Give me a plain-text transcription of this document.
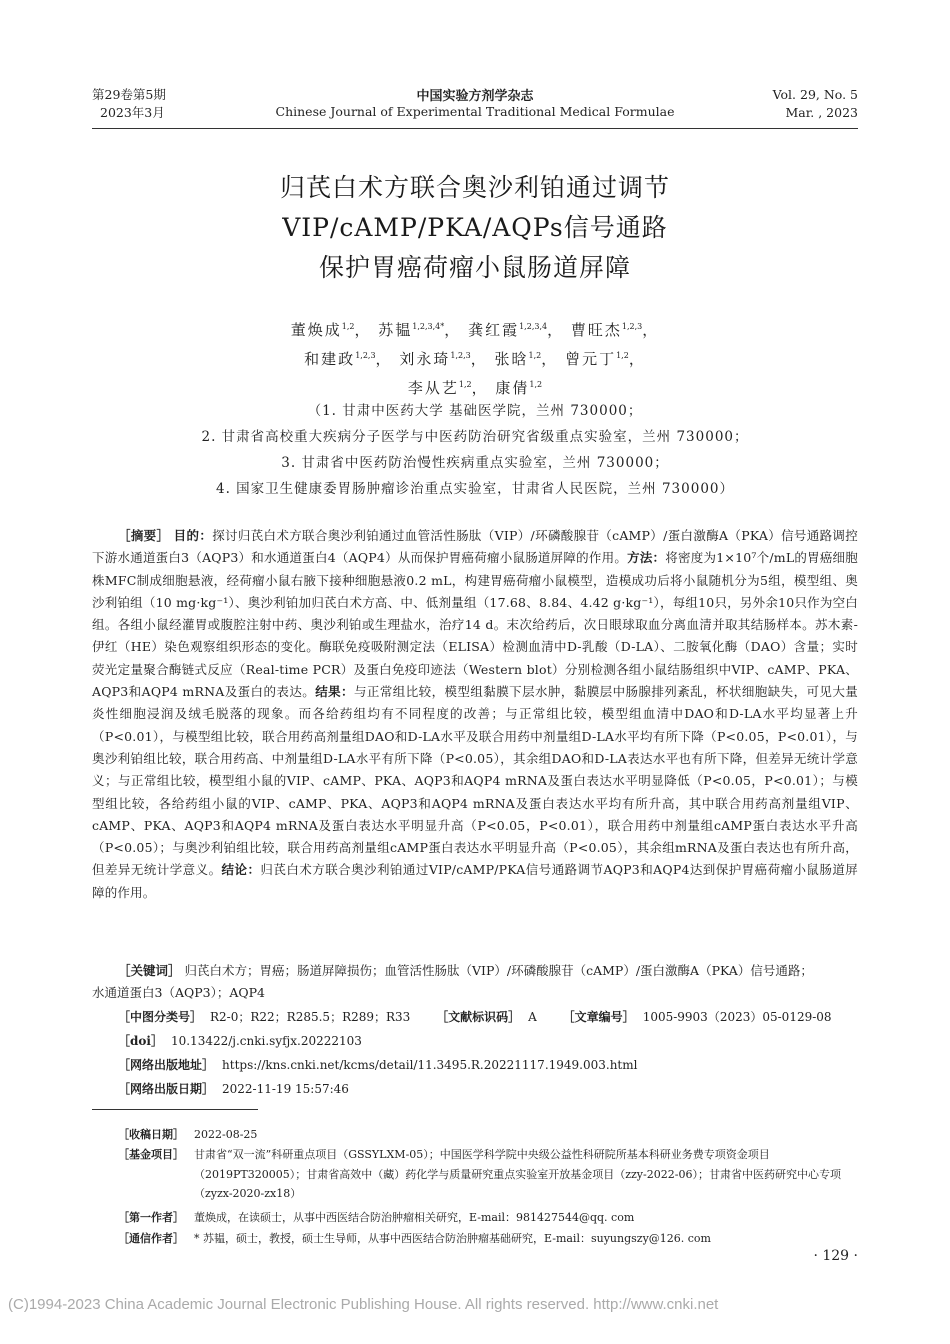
第29卷第5期
2023年3月
中国实验方剂学杂志
Chinese Journal of Experimental Traditional Medical Formulae
Vol. 29, No. 5
Mar. , 2023
归芪白术方联合奥沙利铂通过调节
VIP/cAMP/PKA/AQPs信号通路
保护胃癌荷瘤小鼠肠道屏障
董焕成$^{1,2}$， 苏韫$^{1,2,3,4*}$， 龚红霞$^{1,2,3,4}$， 曹旺杰$^{1,2,3}$，
和建政$^{1,2,3}$， 刘永琦$^{1,2,3}$， 张晗$^{1,2}$， 曾元丁$^{1,2}$，
李从艺$^{1,2}$， 康倩$^{1,2}$
（1. 甘肃中医药大学 基础医学院，兰州 730000；
2. 甘肃省高校重大疾病分子医学与中医药防治研究省级重点实验室，兰州 730000；
3. 甘肃省中医药防治慢性疾病重点实验室，兰州 730000；
4. 国家卫生健康委胃肠肿瘤诊治重点实验室，甘肃省人民医院，兰州 730000）
［摘要］ 目的：探讨归芪白术方联合奥沙利铂通过血管活性肠肽（VIP）/环磷酸腺苷（cAMP）/蛋白激酶A（PKA）信号通路调控下游水通道蛋白3（AQP3）和水通道蛋白4（AQP4）从而保护胃癌荷瘤小鼠肠道屏障的作用。方法：将密度为1×10⁷个/mL的胃癌细胞株MFC制成细胞悬液，经荷瘤小鼠右腋下接种细胞悬液0.2 mL，构建胃癌荷瘤小鼠模型，造模成功后将小鼠随机分为5组，模型组、奥沙利铂组（10 mg·kg⁻¹）、奥沙利铂加归芪白术方高、中、低剂量组（17.68、8.84、4.42 g·kg⁻¹），每组10只，另外余10只作为空白组。各组小鼠经灌胃或腹腔注射中药、奥沙利铂或生理盐水，治疗14 d。末次给药后，次日眼球取血分离血清并取其结肠样本。苏木素-伊红（HE）染色观察组织形态的变化。酶联免疫吸附测定法（ELISA）检测血清中D-乳酸（D-LA）、二胺氧化酶（DAO）含量；实时荧光定量聚合酶链式反应（Real-time PCR）及蛋白免疫印迹法（Western blot）分别检测各组小鼠结肠组织中VIP、cAMP、PKA、AQP3和AQP4 mRNA及蛋白的表达。结果：与正常组比较，模型组黏膜下层水肿，黏膜层中肠腺排列紊乱，杯状细胞缺失，可见大量炎性细胞浸润及绒毛脱落的现象。而各给药组均有不同程度的改善；与正常组比较，模型组血清中DAO和D-LA水平均显著上升（P<0.01），与模型组比较，联合用药高剂量组DAO和D-LA水平及联合用药中剂量组D-LA水平均有所下降（P<0.05，P<0.01），与奥沙利铂组比较，联合用药高、中剂量组D-LA水平有所下降（P<0.05），其余组DAO和D-LA表达水平也有所下降，但差异无统计学意义；与正常组比较，模型组小鼠的VIP、cAMP、PKA、AQP3和AQP4 mRNA及蛋白表达水平明显降低（P<0.05，P<0.01）；与模型组比较，各给药组小鼠的VIP、cAMP、PKA、AQP3和AQP4 mRNA及蛋白表达水平均有所升高，其中联合用药高剂量组VIP、cAMP、PKA、AQP3和AQP4 mRNA及蛋白表达水平明显升高（P<0.05，P<0.01），联合用药中剂量组cAMP蛋白表达水平升高（P<0.05）；与奥沙利铂组比较，联合用药高剂量组cAMP蛋白表达水平明显升高（P<0.05），其余组mRNA及蛋白表达也有所升高，但差异无统计学意义。结论：归芪白术方联合奥沙利铂通过VIP/cAMP/PKA信号通路调节AQP3和AQP4达到保护胃癌荷瘤小鼠肠道屏障的作用。
［关键词］ 归芪白术方；胃癌；肠道屏障损伤；血管活性肠肽（VIP）/环磷酸腺苷（cAMP）/蛋白激酶A（PKA）信号通路；
水通道蛋白3（AQP3）；AQP4
［中图分类号］ R2-0；R22；R285.5；R289；R33 ［文献标识码］ A ［文章编号］ 1005-9903（2023）05-0129-08
［doi］ 10.13422/j.cnki.syfjx.20222103
［网络出版地址］ https://kns.cnki.net/kcms/detail/11.3495.R.20221117.1949.003.html
［网络出版日期］ 2022-11-19 15:57:46
［收稿日期］ 2022-08-25
［基金项目］ 甘肃省“双一流”科研重点项目（GSSYLXM-05）；中国医学科学院中央级公益性科研院所基本科研业务费专项资金项目（2019PT320005）；甘肃省高效中（藏）药化学与质量研究重点实验室开放基金项目（zzy-2022-06）；甘肃省中医药研究中心专项（zyzx-2020-zx18）
［第一作者］ 董焕成，在读硕士，从事中西医结合防治肿瘤相关研究，E-mail：981427544@qq. com
［通信作者］ * 苏韫，硕士，教授，硕士生导师，从事中西医结合防治肿瘤基础研究，E-mail：suyungszy@126. com
· 129 ·
(C)1994-2023 China Academic Journal Electronic Publishing House. All rights reserved. http://www.cnki.net
